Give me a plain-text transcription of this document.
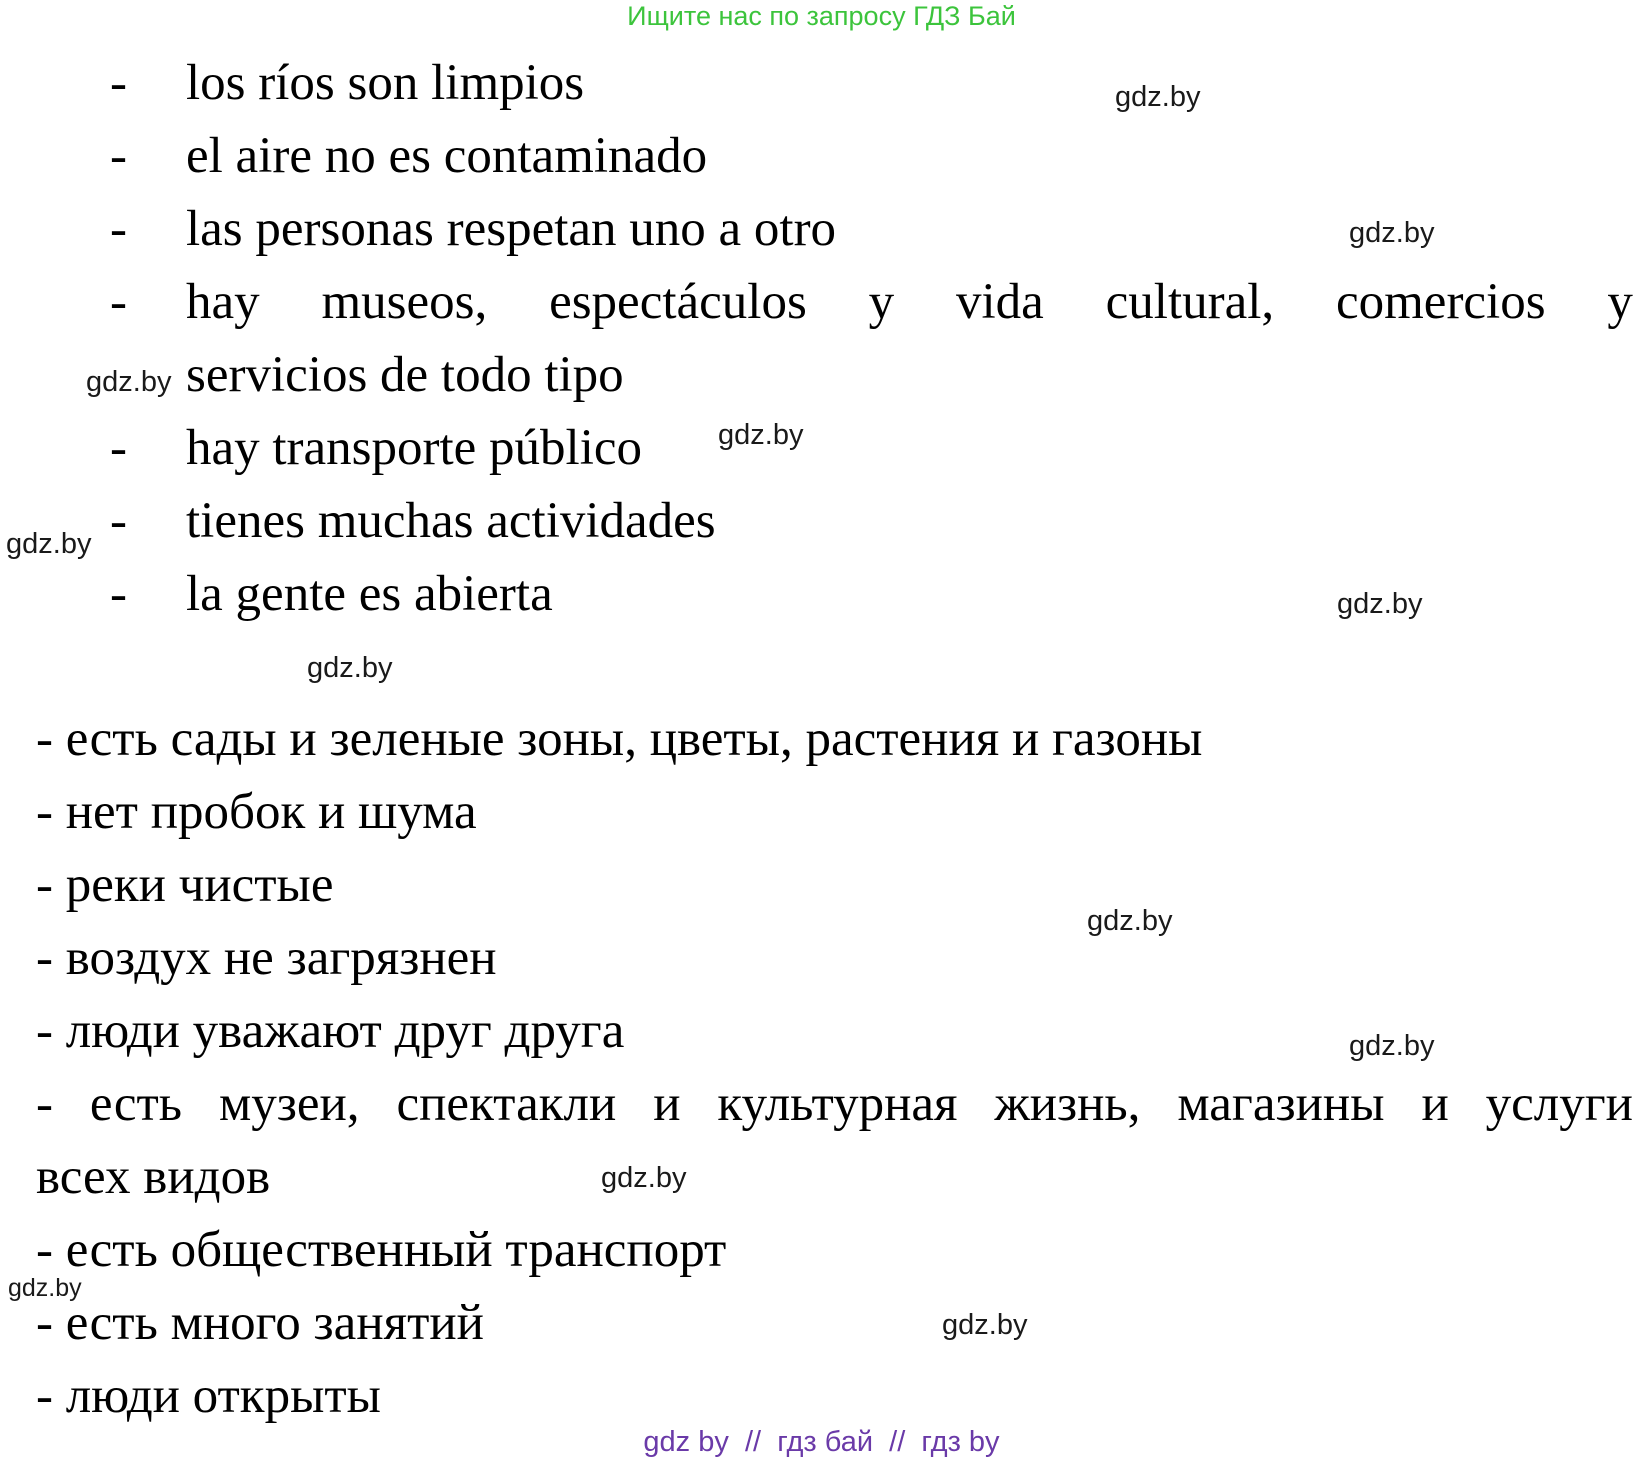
Ищите нас по запросу ГДЗ Бай
- los ríos son limpios
- el aire no es contaminado
- las personas respetan uno a otro
- hay museos, espectáculos y vida cultural, comercios y
servicios de todo tipo
- hay transporte público
- tienes muchas actividades
- la gente es abierta
- есть сады и зеленые зоны, цветы, растения и газоны
- нет пробок и шума
- реки чистые
- воздух не загрязнен
- люди уважают друг друга
- есть музеи, спектакли и культурная жизнь, магазины и услуги
всех видов
- есть общественный транспорт
- есть много занятий
- люди открыты
gdz.by
gdz.by
gdz.by
gdz.by
gdz.by
gdz.by
gdz.by
gdz.by
gdz.by
gdz.by
gdz.by
gdz.by
gdz by  //  гдз бай  //  гдз by
